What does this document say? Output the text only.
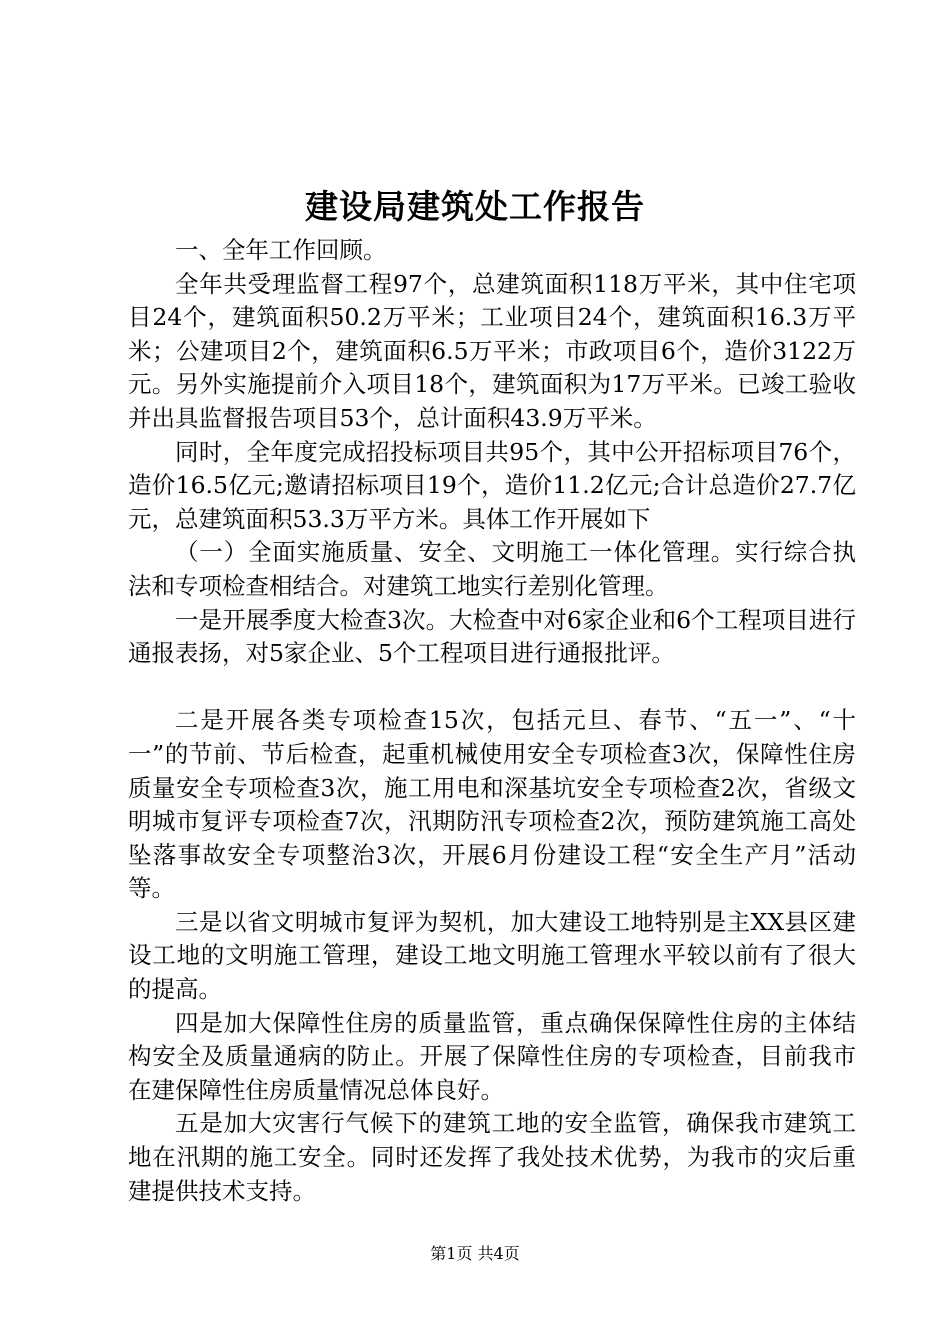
建设局建筑处工作报告

一、全年工作回顾。

全年共受理监督工程97个，总建筑面积118万平米，其中住宅项目24个，建筑面积50.2万平米；工业项目24个，建筑面积16.3万平米；公建项目2个，建筑面积6.5万平米；市政项目6个，造价3122万元。另外实施提前介入项目18个，建筑面积为17万平米。已竣工验收并出具监督报告项目53个，总计面积43.9万平米。

同时，全年度完成招投标项目共95个，其中公开招标项目76个，造价16.5亿元;邀请招标项目19个，造价11.2亿元;合计总造价27.7亿元，总建筑面积53.3万平方米。具体工作开展如下

（一）全面实施质量、安全、文明施工一体化管理。实行综合执法和专项检查相结合。对建筑工地实行差别化管理。

一是开展季度大检查3次。大检查中对6家企业和6个工程项目进行通报表扬，对5家企业、5个工程项目进行通报批评。

二是开展各类专项检查15次，包括元旦、春节、“五一”、“十一”的节前、节后检查，起重机械使用安全专项检查3次，保障性住房质量安全专项检查3次，施工用电和深基坑安全专项检查2次，省级文明城市复评专项检查7次，汛期防汛专项检查2次，预防建筑施工高处坠落事故安全专项整治3次，开展6月份建设工程“安全生产月”活动等。

三是以省文明城市复评为契机，加大建设工地特别是主XX县区建设工地的文明施工管理，建设工地文明施工管理水平较以前有了很大的提高。

四是加大保障性住房的质量监管，重点确保保障性住房的主体结构安全及质量通病的防止。开展了保障性住房的专项检查，目前我市在建保障性住房质量情况总体良好。

五是加大灾害行气候下的建筑工地的安全监管，确保我市建筑工地在汛期的施工安全。同时还发挥了我处技术优势，为我市的灾后重建提供技术支持。

第1页 共4页
